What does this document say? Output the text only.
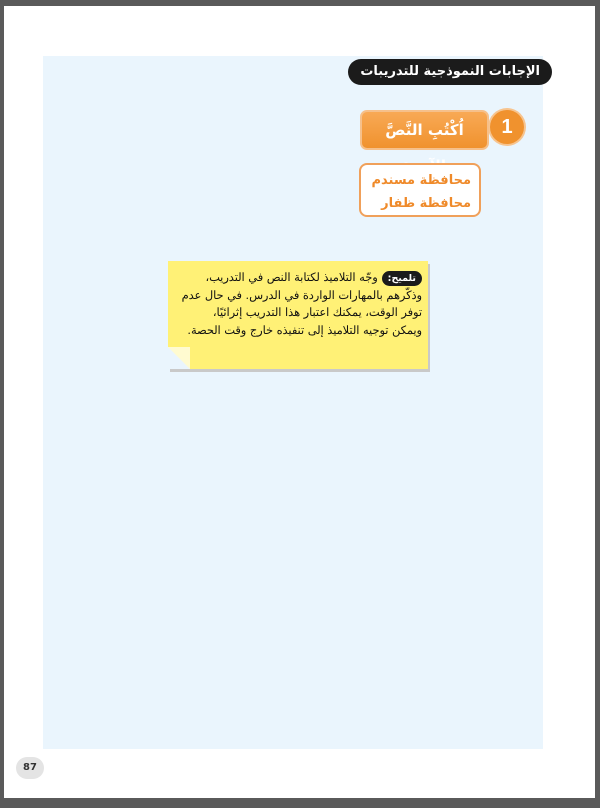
الإجابات النموذجية للتدريبات
1
اُكْتُبِ النَّصَّ
محافظة مسندم
محافظة ظفار
تلميح:وجّه التلاميذ لكتابة النص في التدريب،
وذكّرهم بالمهارات الواردة في الدرس. في حال عدم
توفر الوقت، يمكنك اعتبار هذا التدريب إثرائيًا،
ويمكن توجيه التلاميذ إلى تنفيذه خارج وقت الحصة.
87
